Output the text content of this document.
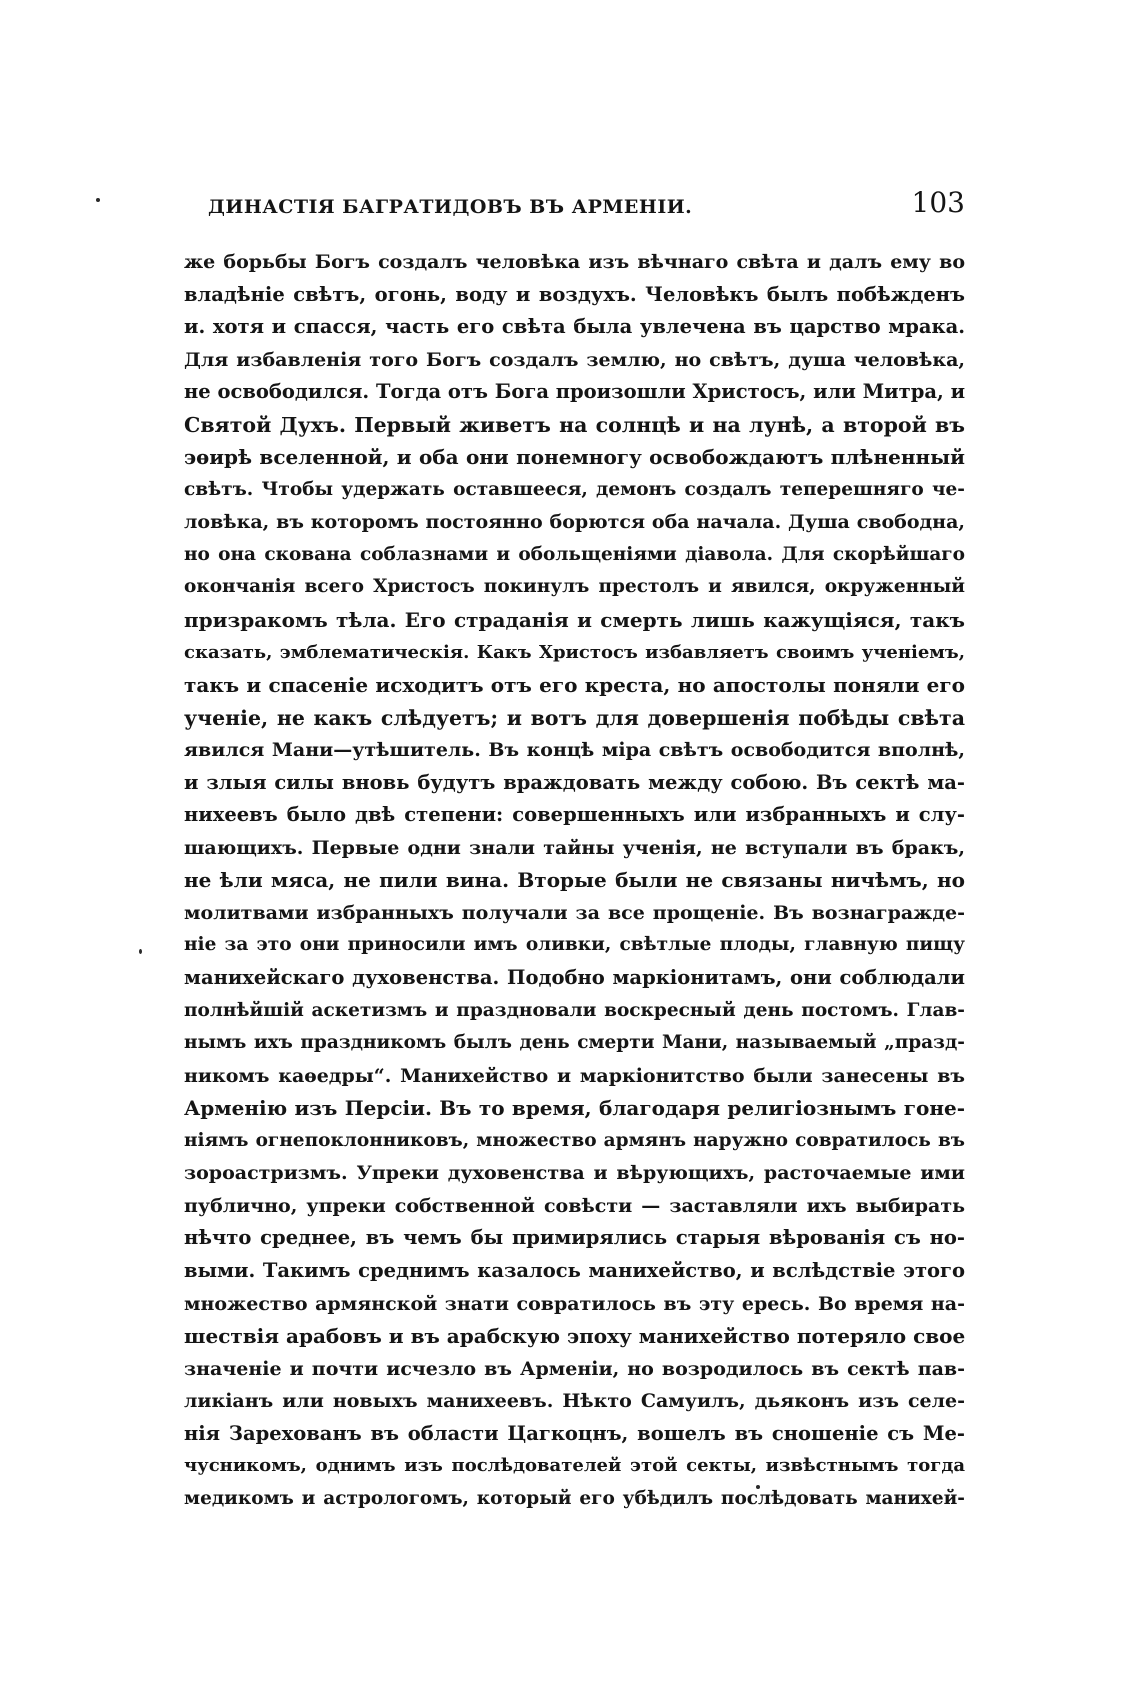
ДИНАСТІЯ БАГРАТИДОВЪ ВЪ АРМЕНІИ.	103
же борьбы Богъ создалъ человѣка изъ вѣчнаго свѣта и далъ ему во
владѣніе свѣтъ, огонь, воду и воздухъ. Человѣкъ былъ побѣжденъ
и. хотя и спасся, часть его свѣта была увлечена въ царство мрака.
Для избавленія того Богъ создалъ землю, но свѣтъ, душа человѣка,
не освободился. Тогда отъ Бога произошли Христосъ, или Митра, и
Святой Духъ. Первый живетъ на солнцѣ и на лунѣ, а второй въ
эѳирѣ вселенной, и оба они понемногу освобождаютъ плѣненный
свѣтъ. Чтобы удержать оставшееся, демонъ создалъ теперешняго че-
ловѣка, въ которомъ постоянно борются оба начала. Душа свободна,
но она скована соблазнами и обольщеніями діавола. Для скорѣйшаго
окончанія всего Христосъ покинулъ престолъ и явился, окруженный
призракомъ тѣла. Его страданія и смерть лишь кажущіяся, такъ
сказать, эмблематическія. Какъ Христосъ избавляетъ своимъ ученіемъ,
такъ и спасеніе исходитъ отъ его креста, но апостолы поняли его
ученіе, не какъ слѣдуетъ; и вотъ для довершенія побѣды свѣта
явился Мани—утѣшитель. Въ концѣ міра свѣтъ освободится вполнѣ,
и злыя силы вновь будутъ враждовать между собою. Въ сектѣ ма-
нихеевъ было двѣ степени: совершенныхъ или избранныхъ и слу-
шающихъ. Первые одни знали тайны ученія, не вступали въ бракъ,
не ѣли мяса, не пили вина. Вторые были не связаны ничѣмъ, но
молитвами избранныхъ получали за все прощеніе. Въ вознагражде-
ніе за это они приносили имъ оливки, свѣтлые плоды, главную пищу
манихейскаго духовенства. Подобно маркіонитамъ, они соблюдали
полнѣйшій аскетизмъ и праздновали воскресный день постомъ. Глав-
нымъ ихъ праздникомъ былъ день смерти Мани, называемый „празд-
никомъ каѳедры“. Манихейство и маркіонитство были занесены въ
Арменію изъ Персіи. Въ то время, благодаря религіознымъ гоне-
ніямъ огнепоклонниковъ, множество армянъ наружно совратилось въ
зороастризмъ. Упреки духовенства и вѣрующихъ, расточаемые ими
публично, упреки собственной совѣсти — заставляли ихъ выбирать
нѣчто среднее, въ чемъ бы примирялись старыя вѣрованія съ но-
выми. Такимъ среднимъ казалось манихейство, и вслѣдствіе этого
множество армянской знати совратилось въ эту ересь. Во время на-
шествія арабовъ и въ арабскую эпоху манихейство потеряло свое
значеніе и почти исчезло въ Арменіи, но возродилось въ сектѣ пав-
ликіанъ или новыхъ манихеевъ. Нѣкто Самуилъ, дьяконъ изъ селе-
нія Зарехованъ въ области Цагкоцнъ, вошелъ въ сношеніе съ Ме-
чусникомъ, однимъ изъ послѣдователей этой секты, извѣстнымъ тогда
медикомъ и астрологомъ, который его убѣдилъ послѣдовать манихей-
